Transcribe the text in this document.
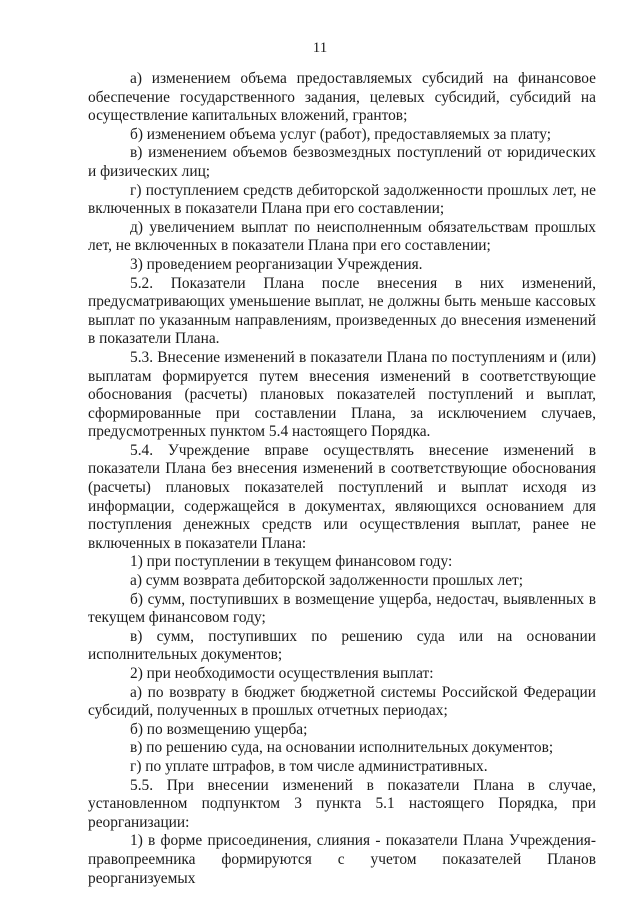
11

а) изменением объема предоставляемых субсидий на финансовое обеспечение государственного задания, целевых субсидий, субсидий на осуществление капитальных вложений, грантов;

б) изменением объема услуг (работ), предоставляемых за плату;

в) изменением объемов безвозмездных поступлений от юридических и физических лиц;

г) поступлением средств дебиторской задолженности прошлых лет, не включенных в показатели Плана при его составлении;

д) увеличением выплат по неисполненным обязательствам прошлых лет, не включенных в показатели Плана при его составлении;

3) проведением реорганизации Учреждения.

5.2. Показатели Плана после внесения в них изменений, предусматривающих уменьшение выплат, не должны быть меньше кассовых выплат по указанным направлениям, произведенных до внесения изменений в показатели Плана.

5.3. Внесение изменений в показатели Плана по поступлениям и (или) выплатам формируется путем внесения изменений в соответствующие обоснования (расчеты) плановых показателей поступлений и выплат, сформированные при составлении Плана, за исключением случаев, предусмотренных пунктом 5.4 настоящего Порядка.

5.4. Учреждение вправе осуществлять внесение изменений в показатели Плана без внесения изменений в соответствующие обоснования (расчеты) плановых показателей поступлений и выплат исходя из информации, содержащейся в документах, являющихся основанием для поступления денежных средств или осуществления выплат, ранее не включенных в показатели Плана:

1) при поступлении в текущем финансовом году:

а) сумм возврата дебиторской задолженности прошлых лет;

б) сумм, поступивших в возмещение ущерба, недостач, выявленных в текущем финансовом году;

в) сумм, поступивших по решению суда или на основании исполнительных документов;

2) при необходимости осуществления выплат:

а) по возврату в бюджет бюджетной системы Российской Федерации субсидий, полученных в прошлых отчетных периодах;

б) по возмещению ущерба;

в) по решению суда, на основании исполнительных документов;

г) по уплате штрафов, в том числе административных.

5.5. При внесении изменений в показатели Плана в случае, установленном подпунктом 3 пункта 5.1 настоящего Порядка, при реорганизации:

1) в форме присоединения, слияния - показатели Плана Учреждения-правопреемника формируются с учетом показателей Планов реорганизуемых
